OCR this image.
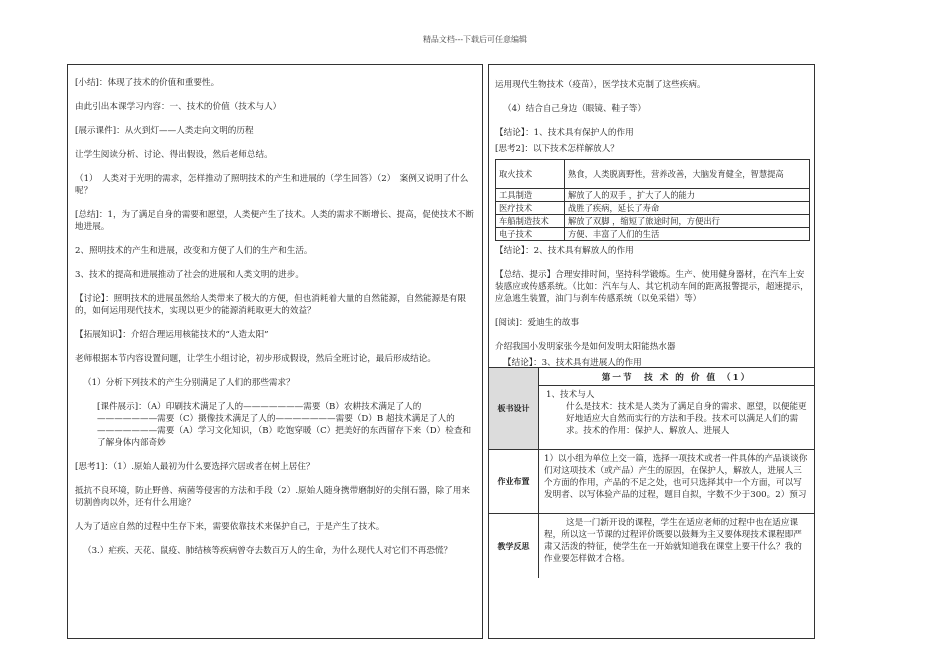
精品文档---下载后可任意编辑

[小结]：体现了技术的价值和重要性。

由此引出本课学习内容：一、技术的价值（技术与人）

[展示课件]：从火到灯——人类走向文明的历程

让学生阅读分析、讨论、得出假设，然后老师总结。

（1）　人类对于光明的需求，怎样推动了照明技术的产生和进展的（学生回答）（2）　案例又说明了什么呢？

[总结]：1，为了满足自身的需要和愿望，人类便产生了技术。人类的需求不断增长、提高，促使技术不断地进展。

2、照明技术的产生和进展，改变和方便了人们的生产和生活。

3、技术的提高和进展推动了社会的进展和人类文明的进步。

【讨论】：照明技术的进展虽然给人类带来了极大的方便，但也消耗着大量的自然能源，自然能源是有限的，如何运用现代技术，实现以更少的能源消耗取更大的效益？

【拓展知识】：介绍合理运用核能技术的“人造太阳”

老师根据本节内容设置问题，让学生小组讨论，初步形成假设，然后全班讨论，最后形成结论。

（1）分析下列技术的产生分别满足了人们的那些需求？

[课件展示]：（A）印刷技术满足了人的———————需要（B）农耕技术满足了人的———————需要（C）摄像技术满足了人的———————需要（D）B 超技术满足了人的———————需要（A）学习文化知识，（B）吃饱穿暖（C）把美好的东西留存下来（D）检查和了解身体内部奇妙

[思考1]：（1）.原始人最初为什么要选择穴居或者在树上居住？

抵抗不良环境，防止野兽、病菌等侵害的方法和手段（2）.原始人随身携带磨制好的尖削石器，除了用来切割兽肉以外，还有什么用途？

人为了适应自然的过程中生存下来，需要依靠技术来保护自己，于是产生了技术。

（3.）疟疾、天花、鼠疫、肺结核等疾病曾夺去数百万人的生命，为什么现代人对它们不再恐慌？

运用现代生物技术（疫苗），医学技术克制了这些疾病。

（4）结合自己身边（眼镜、鞋子等）

【结论】：1、技术具有保护人的作用

[思考2]：以下技术怎样解放人？

取火技术	熟食，人类脱离野性，营养改善，大脑发育健全，智慧提高
工具制造	解放了人的双手 ，扩大了人的能力
医疗技术	战胜了疾病，延长了寿命
车船制造技术	解放了双脚 ，缩短了旅途时间，方便出行
电子技术	方便、丰富了人们的生活

【结论】：2、技术具有解放人的作用

【总结、提示】合理安排时间，坚持科学锻炼。生产、使用健身器材，在汽车上安装感应或传感系统。（比如：汽车与人、其它机动车间的距离报警提示，超速提示，应急逃生装置，油门与刹车传感系统（以免采错）等）

[阅读]：爱迪生的故事

介绍我国小发明家张今是如何发明太阳能热水器

【结论】：3、技术具有进展人的作用

板书设计
第一节　技 术 的 价 值 （1）
1、技术与人
什么是技术：技术是人类为了满足自身的需求、愿望，以便能更好地适应大自然而实行的方法和手段。技术可以满足人们的需求。技术的作用：保护人、解放人、进展人
作业布置
1）以小组为单位上交一篇，选择一项技术或者一件具体的产品谈谈你们对这项技术（或产品）产生的原因，在保护人，解放人，进展人三个方面的作用，产品的不足之处，也可只选择其中一个方面，可以写发明者、以写体验产品的过程，题目自拟，字数不少于300。2）预习
教学反思
这是一门新开设的课程，学生在适应老师的过程中也在适应课程，所以这一节课的过程评价既要以鼓舞为主又要体现技术课程即严肃又活泼的特征，使学生在一开始就知道我在课堂上要干什么？我的作业要怎样做才合格。
